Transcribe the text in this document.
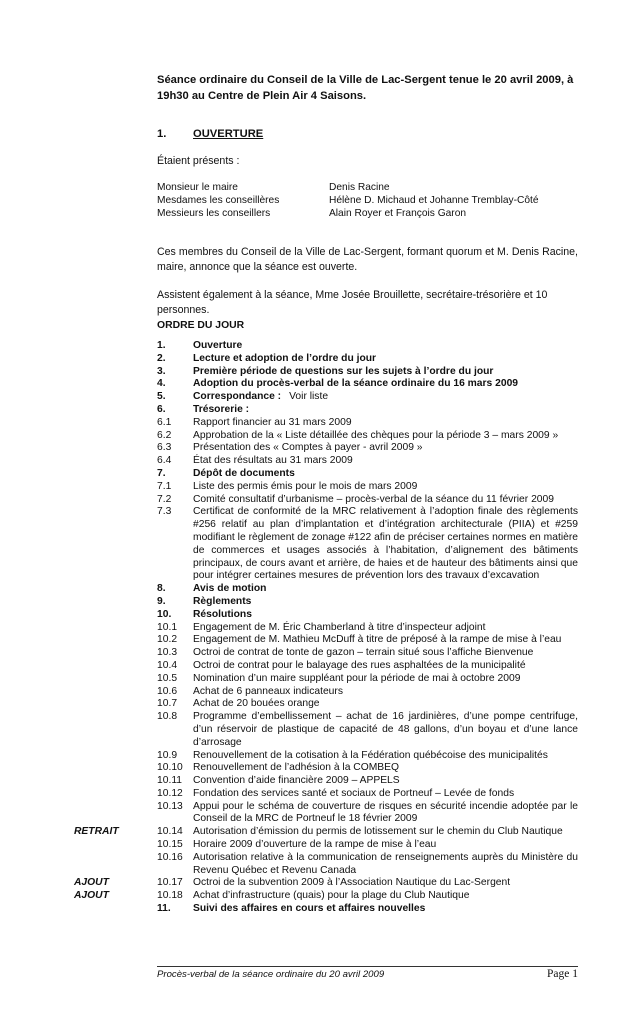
Séance ordinaire du Conseil de la Ville de Lac-Sergent tenue le 20 avril 2009, à 19h30 au Centre de Plein Air 4 Saisons.
1. OUVERTURE
Étaient présents :
Monsieur le maire	Denis Racine
Mesdames les conseillères	Hélène D. Michaud et Johanne Tremblay-Côté
Messieurs les conseillers	Alain Royer et François Garon
Ces membres du Conseil de la Ville de Lac-Sergent, formant quorum et M. Denis Racine, maire, annonce que la séance est ouverte.
Assistent également à la séance, Mme Josée Brouillette, secrétaire-trésorière et 10 personnes.
ORDRE DU JOUR
1.	Ouverture
2.	Lecture et adoption de l’ordre du jour
3.	Première période de questions sur les sujets à l’ordre du jour
4.	Adoption du procès-verbal de la séance ordinaire du 16 mars 2009
5.	Correspondance : Voir liste
6.	Trésorerie :
6.1	Rapport financier au 31 mars 2009
6.2	Approbation de la « Liste détaillée des chèques pour la période 3 – mars 2009 »
6.3	Présentation des « Comptes à payer - avril 2009 »
6.4	État des résultats au 31 mars 2009
7.	Dépôt de documents
7.1	Liste des permis émis pour le mois de mars 2009
7.2	Comité consultatif d’urbanisme – procès-verbal de la séance du 11 février 2009
7.3	Certificat de conformité de la MRC relativement à l’adoption finale des règlements #256 relatif au plan d’implantation et d’intégration architecturale (PIIA) et #259 modifiant le règlement de zonage #122 afin de préciser certaines normes en matière de commerces et usages associés à l’habitation, d’alignement des bâtiments principaux, de cours avant et arrière, de haies et de hauteur des bâtiments ainsi que pour intégrer certaines mesures de prévention lors des travaux d’excavation
8.	Avis de motion
9.	Règlements
10.	Résolutions
10.1	Engagement de M. Éric Chamberland à titre d’inspecteur adjoint
10.2	Engagement de M. Mathieu McDuff à titre de préposé à la rampe de mise à l’eau
10.3	Octroi de contrat de tonte de gazon – terrain situé sous l’affiche Bienvenue
10.4	Octroi de contrat pour le balayage des rues asphaltées de la municipalité
10.5	Nomination d’un maire suppléant pour la période de mai à octobre 2009
10.6	Achat de 6 panneaux indicateurs
10.7	Achat de 20 bouées orange
10.8	Programme d’embellissement – achat de 16 jardinières, d’une pompe centrifuge, d’un réservoir de plastique de capacité de 48 gallons, d’un boyau et d’une lance d’arrosage
10.9	Renouvellement de la cotisation à la Fédération québécoise des municipalités
10.10 Renouvellement de l’adhésion à la COMBEQ
10.11	Convention d’aide financière 2009 – APPELS
10.12 Fondation des services santé et sociaux de Portneuf – Levée de fonds
10.13 Appui pour le schéma de couverture de risques en sécurité incendie adoptée par le Conseil de la MRC de Portneuf le 18 février 2009
RETRAIT	10.14 Autorisation d’émission du permis de lotissement sur le chemin du Club Nautique
10.15 Horaire 2009 d’ouverture de la rampe de mise à l’eau
10.16 Autorisation relative à la communication de renseignements auprès du Ministère du Revenu Québec et Revenu Canada
AJOUT	10.17 Octroi de la subvention 2009 à l’Association Nautique du Lac-Sergent
AJOUT	10.18 Achat d’infrastructure (quais) pour la plage du Club Nautique
11.	Suivi des affaires en cours et affaires nouvelles
Procès-verbal de la séance ordinaire du 20 avril 2009	Page 1
